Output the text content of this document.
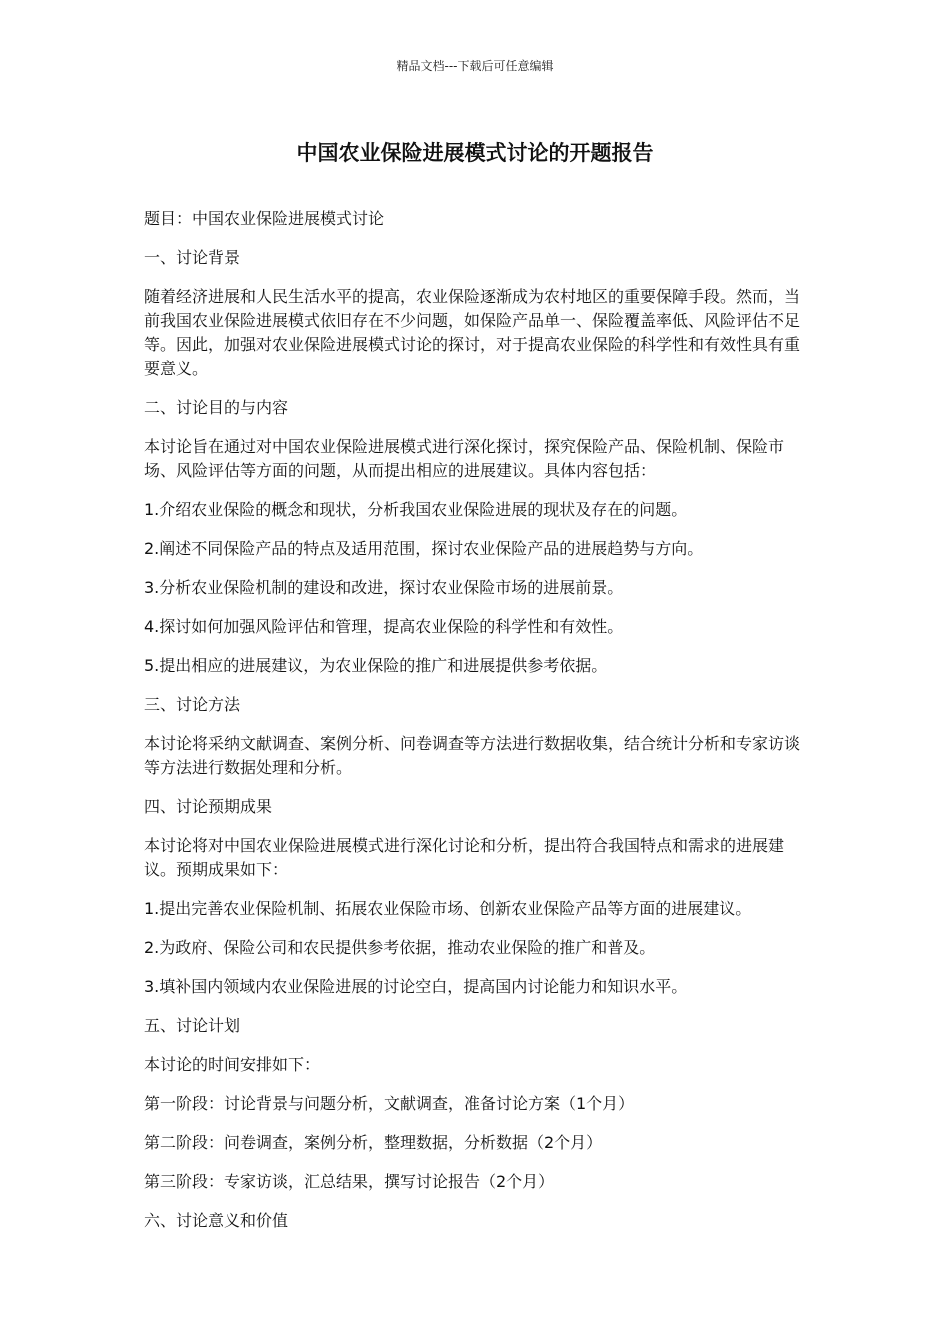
精品文档---下载后可任意编辑
中国农业保险进展模式讨论的开题报告

题目：中国农业保险进展模式讨论

一、讨论背景

随着经济进展和人民生活水平的提高，农业保险逐渐成为农村地区的重要保障手段。然而，当前我国农业保险进展模式依旧存在不少问题，如保险产品单一、保险覆盖率低、风险评估不足等。因此，加强对农业保险进展模式讨论的探讨，对于提高农业保险的科学性和有效性具有重要意义。

二、讨论目的与内容

本讨论旨在通过对中国农业保险进展模式进行深化探讨，探究保险产品、保险机制、保险市场、风险评估等方面的问题，从而提出相应的进展建议。具体内容包括：

1.介绍农业保险的概念和现状，分析我国农业保险进展的现状及存在的问题。

2.阐述不同保险产品的特点及适用范围，探讨农业保险产品的进展趋势与方向。

3.分析农业保险机制的建设和改进，探讨农业保险市场的进展前景。

4.探讨如何加强风险评估和管理，提高农业保险的科学性和有效性。

5.提出相应的进展建议，为农业保险的推广和进展提供参考依据。

三、讨论方法

本讨论将采纳文献调查、案例分析、问卷调查等方法进行数据收集，结合统计分析和专家访谈等方法进行数据处理和分析。

四、讨论预期成果

本讨论将对中国农业保险进展模式进行深化讨论和分析，提出符合我国特点和需求的进展建议。预期成果如下：

1.提出完善农业保险机制、拓展农业保险市场、创新农业保险产品等方面的进展建议。

2.为政府、保险公司和农民提供参考依据，推动农业保险的推广和普及。

3.填补国内领域内农业保险进展的讨论空白，提高国内讨论能力和知识水平。

五、讨论计划

本讨论的时间安排如下：

第一阶段：讨论背景与问题分析，文献调查，准备讨论方案（1个月）

第二阶段：问卷调查，案例分析，整理数据，分析数据（2个月）

第三阶段：专家访谈，汇总结果，撰写讨论报告（2个月）

六、讨论意义和价值
